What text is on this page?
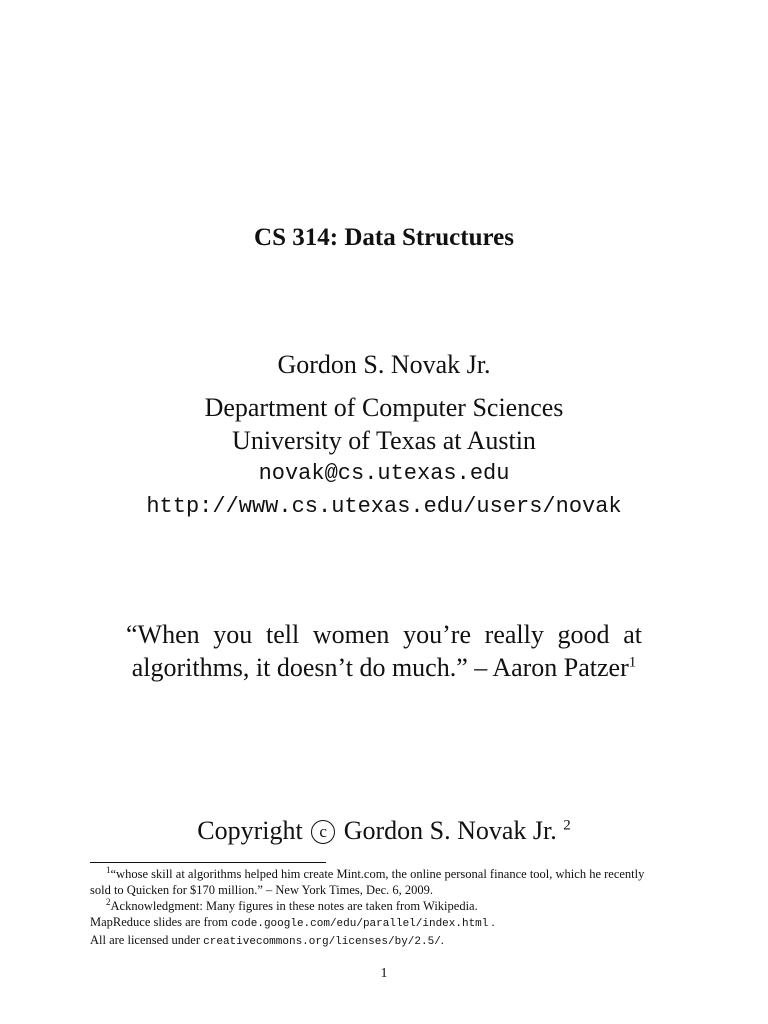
CS 314: Data Structures
Gordon S. Novak Jr.
Department of Computer Sciences
University of Texas at Austin
novak@cs.utexas.edu
http://www.cs.utexas.edu/users/novak
“When you tell women you’re really good at
algorithms, it doesn’t do much.” – Aaron Patzer$^1$
Copyright c Gordon S. Novak Jr. $^2$
$^1$“whose skill at algorithms helped him create Mint.com, the online personal finance tool, which he recently
sold to Quicken for $170 million.” – New York Times, Dec. 6, 2009.
$^2$Acknowledgment: Many figures in these notes are taken from Wikipedia.
MapReduce slides are from code.google.com/edu/parallel/index.html .
All are licensed under creativecommons.org/licenses/by/2.5/.
1
